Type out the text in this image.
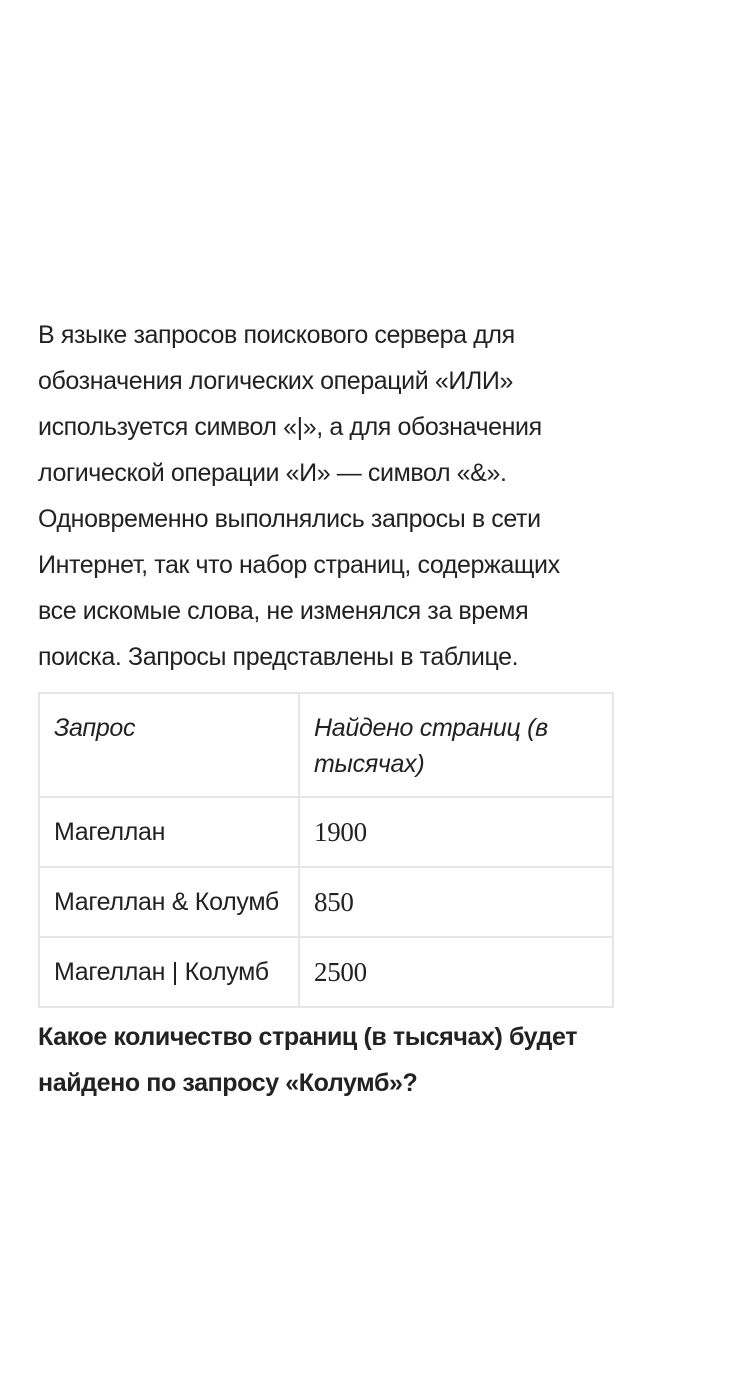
В языке запросов поискового сервера для
обозначения логических операций «ИЛИ»
используется символ «|», а для обозначения
логической операции «И» — символ «&».
Одновременно выполнялись запросы в сети
Интернет, так что набор страниц, содержащих
все искомые слова, не изменялся за время
поиска. Запросы представлены в таблице.

Запрос	Найдено страниц (в тысячах)
Магеллан	1900
Магеллан & Колумб	850
Магеллан | Колумб	2500

Какое количество страниц (в тысячах) будет
найдено по запросу «Колумб»?
